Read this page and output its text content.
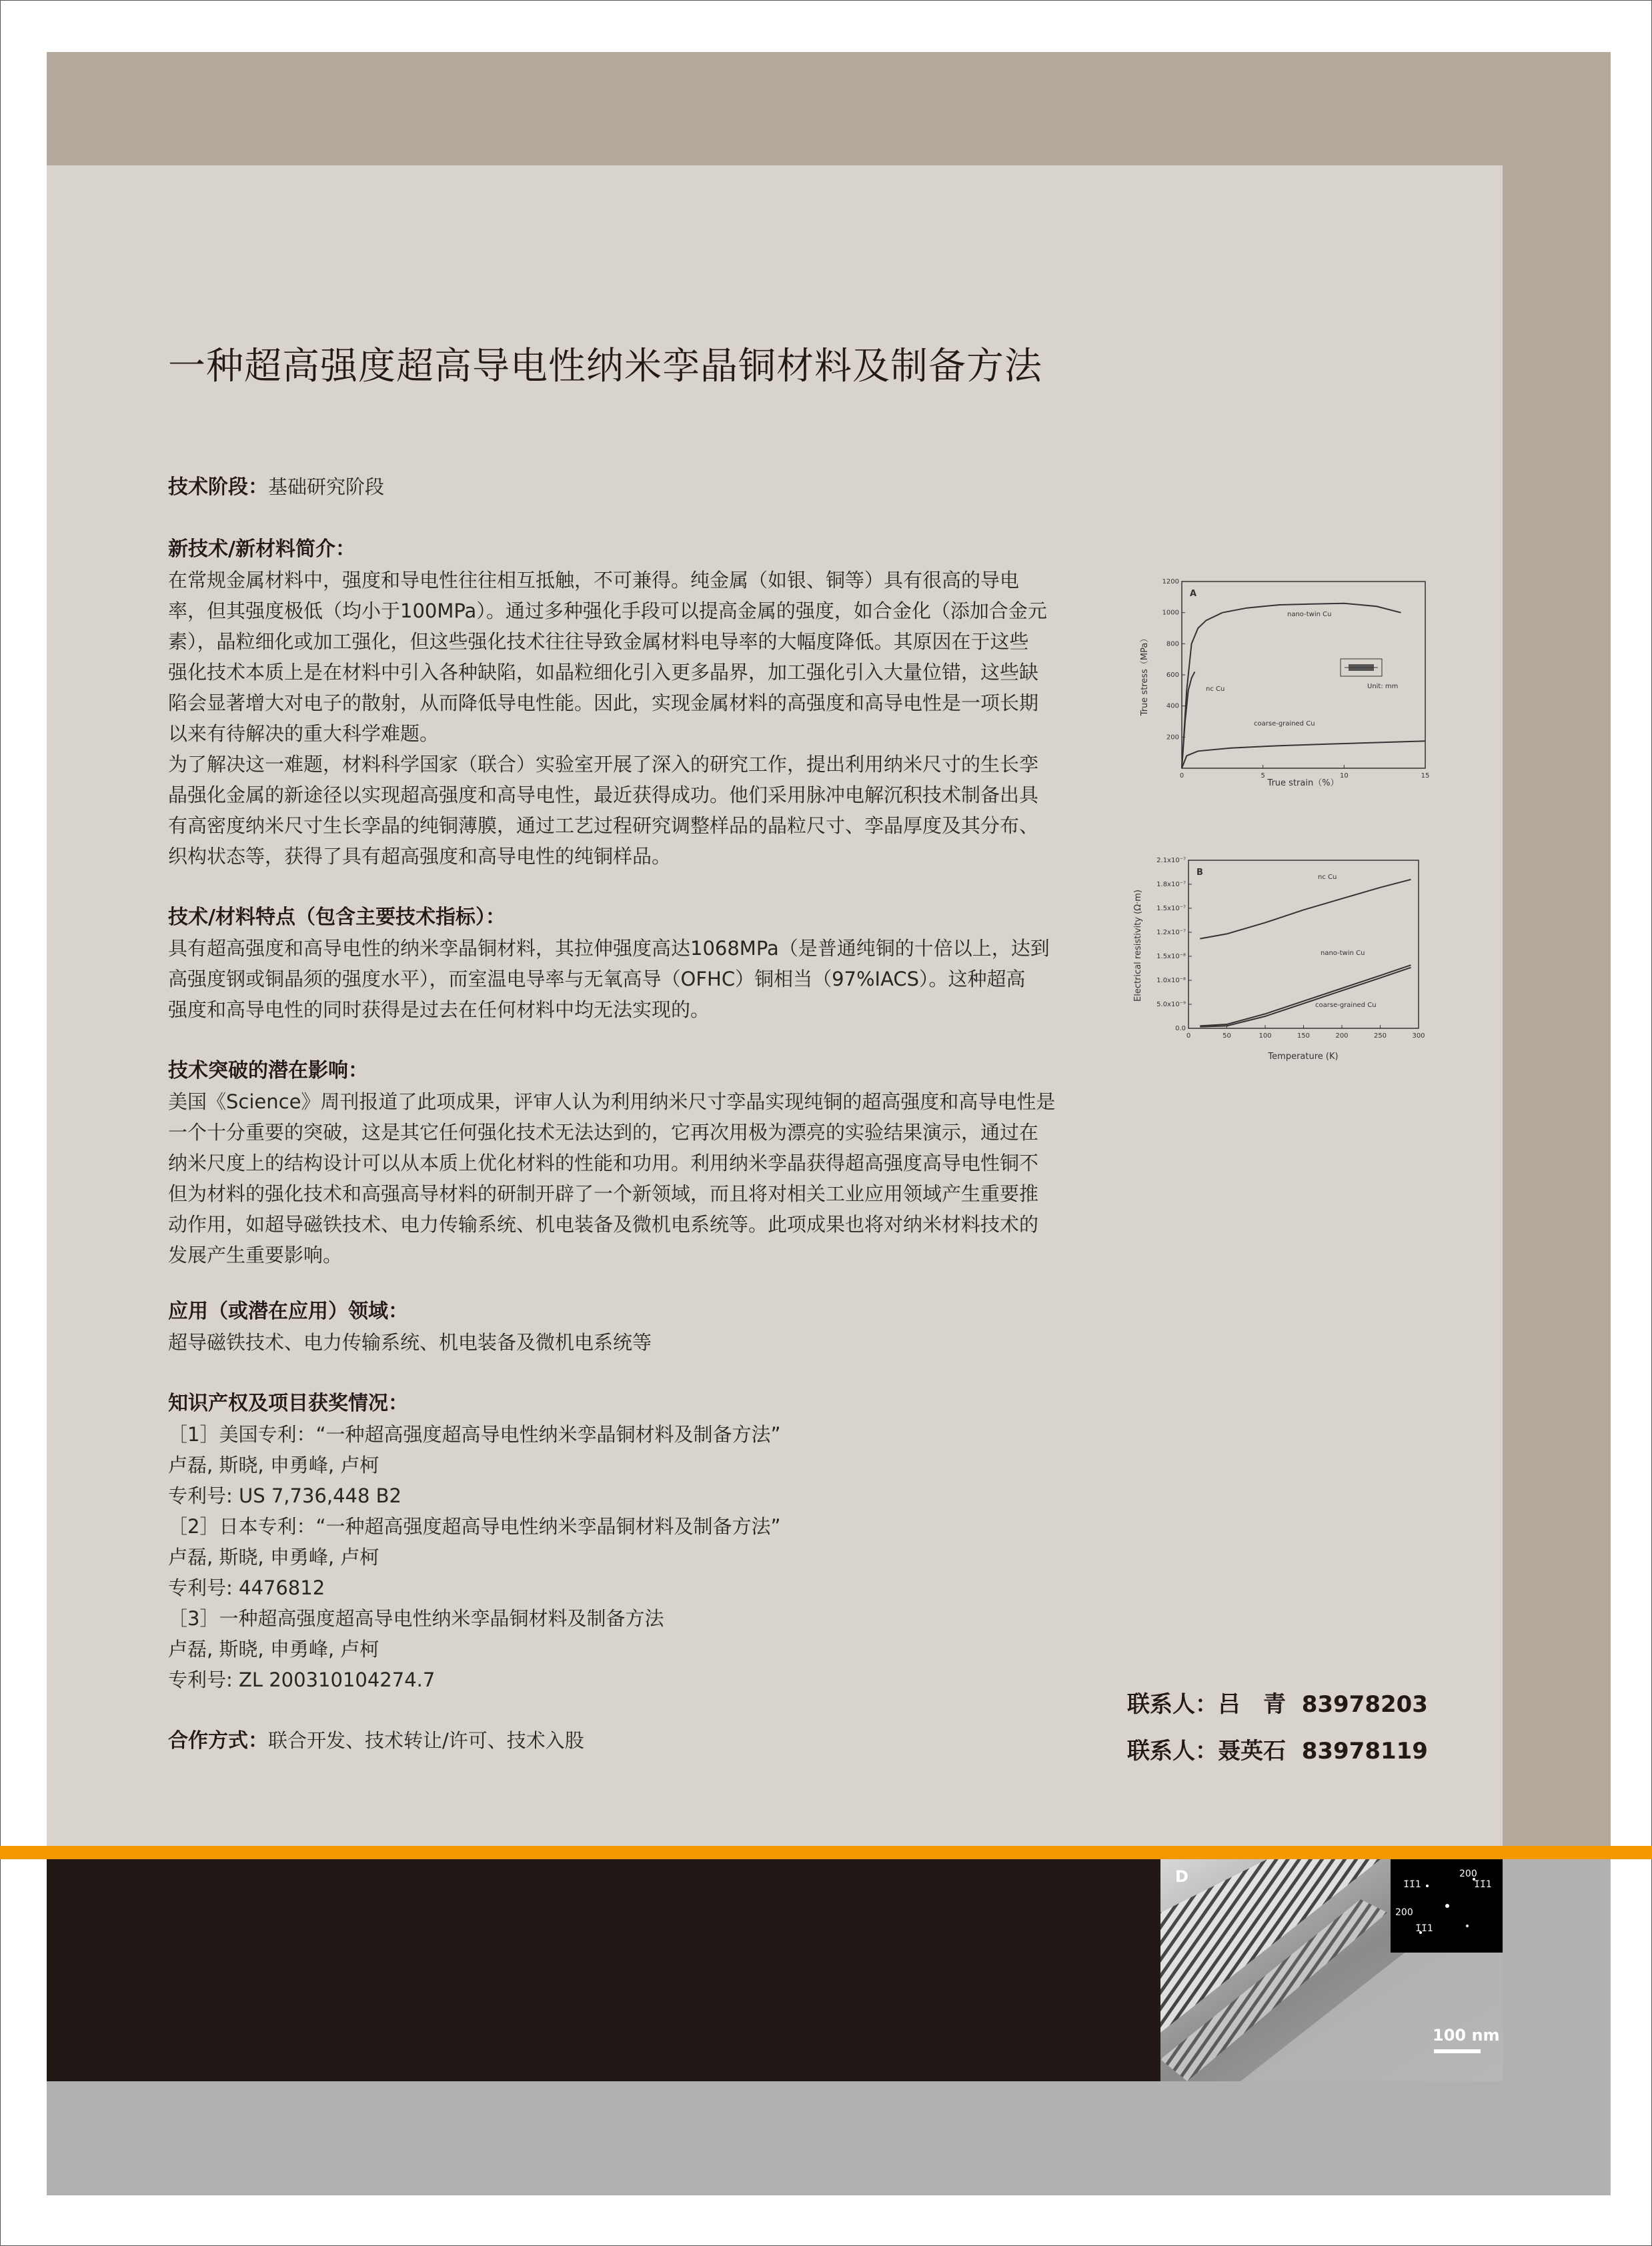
一种超高强度超高导电性纳米孪晶铜材料及制备方法
技术阶段：基础研究阶段

新技术/新材料简介：

在常规金属材料中，强度和导电性往往相互抵触，不可兼得。纯金属（如银、铜等）具有很高的导电

率，但其强度极低（均小于100MPa）。通过多种强化手段可以提高金属的强度，如合金化（添加合金元

素），晶粒细化或加工强化，但这些强化技术往往导致金属材料电导率的大幅度降低。其原因在于这些

强化技术本质上是在材料中引入各种缺陷，如晶粒细化引入更多晶界，加工强化引入大量位错，这些缺

陷会显著增大对电子的散射，从而降低导电性能。因此，实现金属材料的高强度和高导电性是一项长期

以来有待解决的重大科学难题。

为了解决这一难题，材料科学国家（联合）实验室开展了深入的研究工作，提出利用纳米尺寸的生长孪

晶强化金属的新途径以实现超高强度和高导电性，最近获得成功。他们采用脉冲电解沉积技术制备出具

有高密度纳米尺寸生长孪晶的纯铜薄膜，通过工艺过程研究调整样品的晶粒尺寸、孪晶厚度及其分布、

织构状态等，获得了具有超高强度和高导电性的纯铜样品。

技术/材料特点（包含主要技术指标）：

具有超高强度和高导电性的纳米孪晶铜材料，其拉伸强度高达1068MPa（是普通纯铜的十倍以上，达到

高强度钢或铜晶须的强度水平），而室温电导率与无氧高导（OFHC）铜相当（97%IACS）。这种超高

强度和高导电性的同时获得是过去在任何材料中均无法实现的。

技术突破的潜在影响：

美国《Science》周刊报道了此项成果，评审人认为利用纳米尺寸孪晶实现纯铜的超高强度和高导电性是

一个十分重要的突破，这是其它任何强化技术无法达到的，它再次用极为漂亮的实验结果演示，通过在

纳米尺度上的结构设计可以从本质上优化材料的性能和功用。利用纳米孪晶获得超高强度高导电性铜不

但为材料的强化技术和高强高导材料的研制开辟了一个新领域，而且将对相关工业应用领域产生重要推

动作用，如超导磁铁技术、电力传输系统、机电装备及微机电系统等。此项成果也将对纳米材料技术的

发展产生重要影响。

应用（或潜在应用）领域：

超导磁铁技术、电力传输系统、机电装备及微机电系统等

知识产权及项目获奖情况：

［1］美国专利：“一种超高强度超高导电性纳米孪晶铜材料及制备方法”

卢磊, 斯晓, 申勇峰, 卢柯

专利号: US 7,736,448 B2

［2］日本专利：“一种超高强度超高导电性纳米孪晶铜材料及制备方法”

卢磊, 斯晓, 申勇峰, 卢柯

专利号: 4476812

［3］一种超高强度超高导电性纳米孪晶铜材料及制备方法

卢磊, 斯晓, 申勇峰, 卢柯

专利号: ZL 200310104274.7

合作方式：联合开发、技术转让/许可、技术入股
联系人：吕　青 83978203
联系人：聂英石 83978119
A
200
400
600
800
1000
1200
0	5	10	15
nano-twin Cu
nc Cu
coarse-grained Cu
True strain（%）
True stress（MPa）	Unit: mm
B
0.0
5.0x10⁻⁹
1.0x10⁻⁸
1.5x10⁻⁸
1.2x10⁻⁷
1.5x10⁻⁷
1.8x10⁻⁷
2.1x10⁻⁷
0	50	100	150	200	250	300
nc Cu
nano-twin Cu
coarse-grained Cu
Temperature (K)
Electrical resistivity (Ω·m)
D	200
1̄1̄1	1̄1̄1
200
1̄1̄1
100 nm
